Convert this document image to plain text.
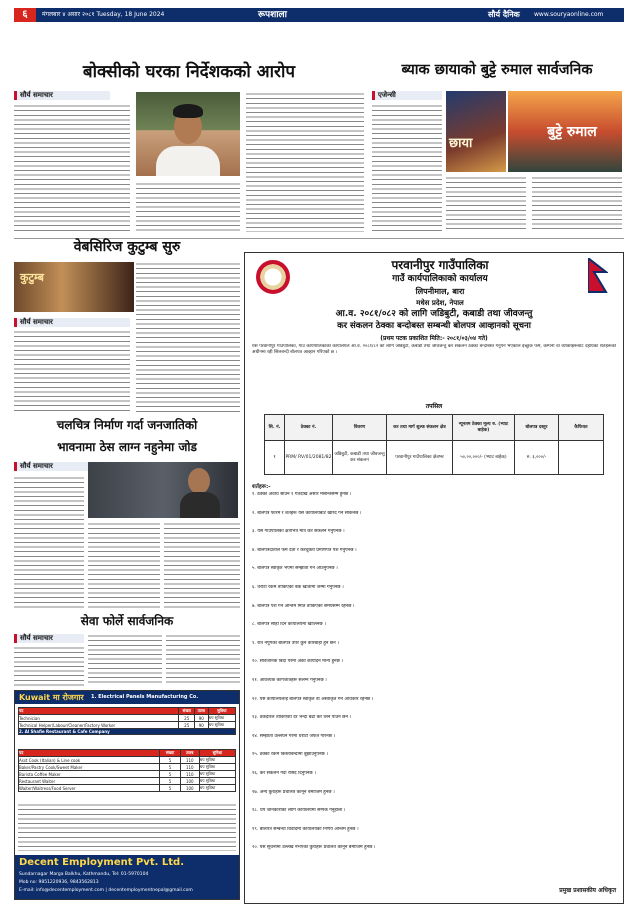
६	मंगलबार ४ असार २०८१ Tuesday, 18 June 2024	रूपशाला	सौर्य दैनिक www.souryaonline.com
बोक्सीको घरका निर्देशकको आरोप
सौर्य समाचार
ब्याक छायाको बुट्टे रुमाल सार्वजनिक
एजेन्सी
छाया
बुट्टे रुमाल
वेबसिरिज कुटुम्ब सुरु
कुटुम्ब
सौर्य समाचार
चलचित्र निर्माण गर्दा जनजातिको
भावनामा ठेस लाग्न नहुनेमा जोड
सौर्य समाचार
सेवा फोर्ले सार्वजनिक
सौर्य समाचार
Kuwait मा रोजगार 1. Electrical Panels Manufacturing Co.
पद	संख्या	तलब	सुविधा
Technician	25	90	थप सुविधा
Technical Helper/Labour/Cleaner/Factory Worker	25	90	थप सुविधा
2. Al Shafie Restaurant & Cafe Company			
पद	संख्या	तलब	सुविधा
Asst Cook (Italian) & Line cook	5	110	थप सुविधा
Baker/Pastry Cook/Sweet Maker	5	110	थप सुविधा
Barista Coffee Maker	5	110	थप सुविधा
Restaurant Waiter	5	100	थप सुविधा
Waiter/Waitress/Food Server	5	100	थप सुविधा
Decent Employment Pvt. Ltd.
Sundarnagar Marga Balkhu, Kathmandu, Tel: 01-5970104
Mob no: 9851220936, 9843562813
E-mail: info@decentemployment.com | decentemploymentnepal@gmail.com
परवानीपुर गाउँपालिका
गाउँ कार्यपालिकाको कार्यालय
लिपनीमाल, बारा
मधेस प्रदेश, नेपाल
आ.व. २०८१/०८२ को लागि जडिबुटी, कबाडी तथा जीवजन्तु
कर संकलन ठेक्का बन्दोबस्त सम्बन्धी बोलपत्र आव्हानको सूचना
(प्रथम पटक प्रकाशित मिति:- २०८१/०३/०४ गते)
यस परवानीपुर गाउँपालिका, गाउँ कार्यपालिकाको कार्यालयले आ.व. २०८१/८२ को लागि जडिबुटी, कबाडी तथा जीवजन्तु कर संकलन ठेक्का बन्दोबस्त गर्नुपर्ने भएकोले इच्छुक फर्म, कम्पनी वा व्यक्तिहरूबाट देहायका शर्तहरूको अधीनमा रही सिलबन्दी बोलपत्र आव्हान गरिएको छ ।
तपसिल
सि. नं.	ठेक्का नं.	विवरण	कर तथा मार्ग शुल्क संकलन क्षेत्र	न्यूनतम ठेक्का मूल्य रु. (भ्याट बाहेक)	बोलपत्र दस्तुर	कैफियत
१	PRM/ RV/01/2081/82	जडिबुटी, कबाडी तथा जीवजन्तु कर संकलन	परवानीपुर गाउँपालिका क्षेत्रभर	५०,००,०००/- (भ्याट बाहेक)	रु. ३,०००/-	
शर्तहरू:-
१. ठेक्का अवधि साउन १ गतेदेखि असार मसान्तसम्म हुनेछ ।
२. बोलपत्र फारम र शर्तहरू यस कार्यालयबाट खरिद गर्न सकिनेछ ।
३. यस गाउँपालिका क्षेत्रभित्र मात्र कर संकलन गर्नुपर्नेछ ।
४. बोलपत्रदाताले फर्म दर्ता र करचुक्ता प्रमाणपत्र पेश गर्नुपर्नेछ ।
५. बोलपत्र स्वीकृत भएमा सम्झौता गर्न आउनुपर्नेछ ।
६. धरौटी रकम तोकिएको बैंक खातामा जम्मा गर्नुपर्नेछ ।
७. बोलपत्र पेश गर्ने अन्तिम मिति तोकिएको समयसम्म रहनेछ ।
८. बोलपत्र सोही दिन कार्यालयमा खोलिनेछ ।
९. रीत नपुगेका बोलपत्र उपर कुनै कारबाही हुने छैन ।
१०. सार्वजनिक बिदा परेमा अर्को कार्यदिन मान्य हुनेछ ।
११. आवश्यक कागजातहरू संलग्न गर्नुपर्नेछ ।
१२. यस कार्यालयलाई बोलपत्र स्वीकृत वा अस्वीकृत गर्ने अधिकार रहनेछ ।
१३. ठेकेदारले तोकिएको दर भन्दा बढी कर लिन पाउने छैन ।
१४. सम्झौता उल्लंघन गरेमा धरौटी जफत गरिनेछ ।
१५. ठेक्का रकम किस्ताबन्दीमा बुझाउनुपर्नेछ ।
१६. कर संकलन गर्दा रसिद दिनुपर्नेछ ।
१७. अन्य कुराहरू प्रचलित कानून बमोजिम हुनेछ ।
१८. थप जानकारीका लागि कार्यालयमा सम्पर्क गर्नुहोला ।
१९. बोलपत्र सम्बन्धी विवादमा कार्यालयको निर्णय अन्तिम हुनेछ ।
२०. यस सूचनामा उल्लेख नभएका कुराहरू प्रचलित कानून बमोजिम हुनेछ ।
प्रमुख प्रशासकीय अधिकृत
